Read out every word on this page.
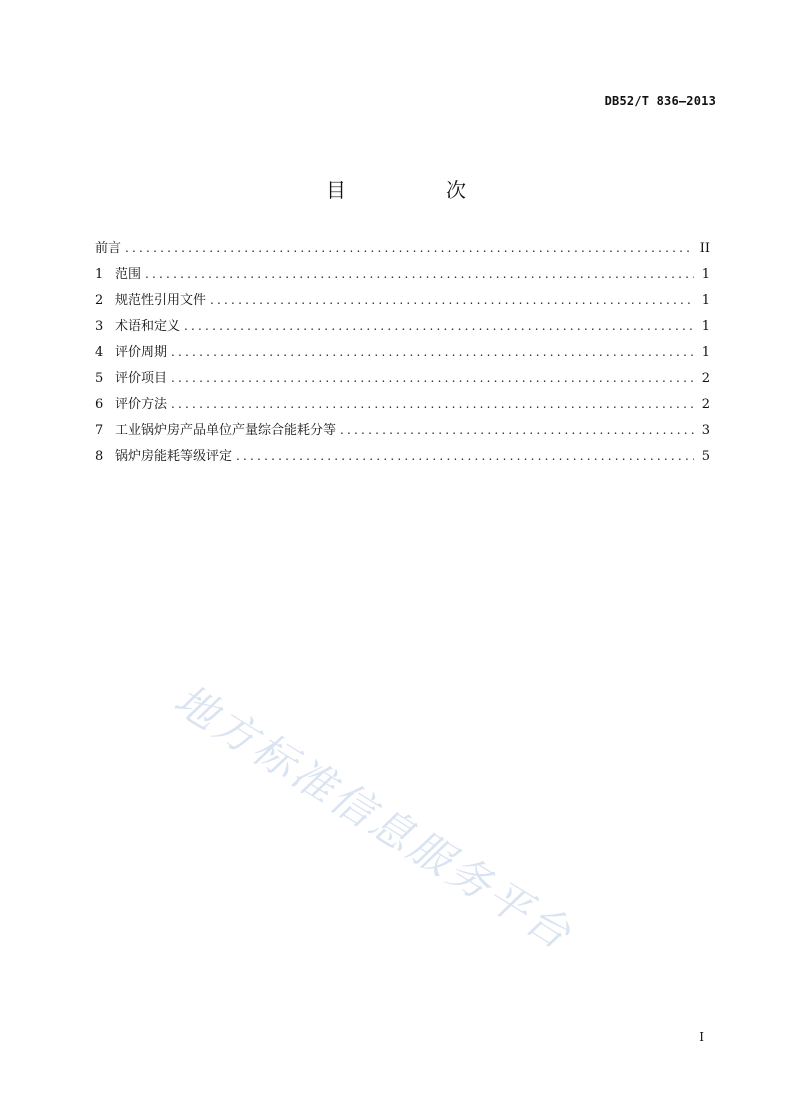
DB52/T 836—2013
目　次
前言 .....	II
1 范围 .....	1
2 规范性引用文件 .....	1
3 术语和定义 .....	1
4 评价周期 .....	1
5 评价项目 .....	2
6 评价方法 .....	2
7 工业锅炉房产品单位产量综合能耗分等 .....	3
8 锅炉房能耗等级评定 .....	5
地方标准信息服务平台
I
